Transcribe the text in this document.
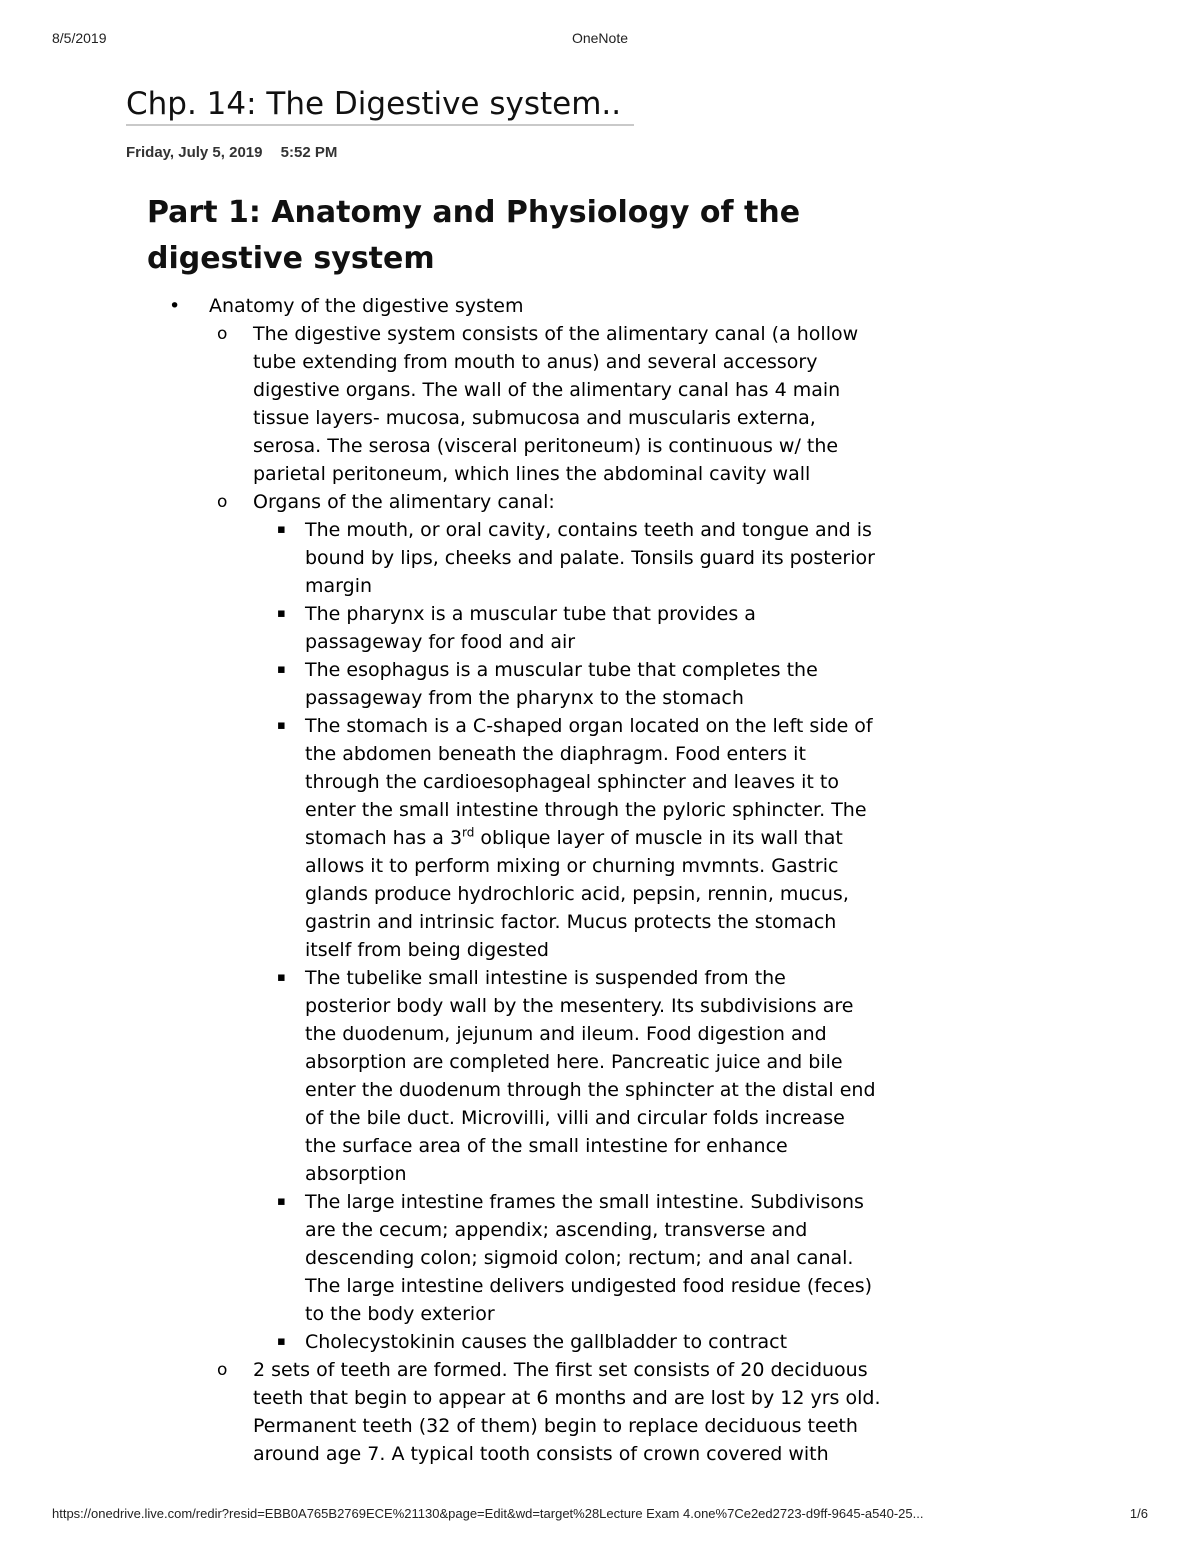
8/5/2019	OneNote
Chp. 14: The Digestive system..
Friday, July 5, 2019 5:52 PM
Part 1: Anatomy and Physiology of the digestive system
• Anatomy of the digestive system
o The digestive system consists of the alimentary canal (a hollow tube extending from mouth to anus) and several accessory digestive organs. The wall of the alimentary canal has 4 main tissue layers- mucosa, submucosa and muscularis externa, serosa. The serosa (visceral peritoneum) is continuous w/ the parietal peritoneum, which lines the abdominal cavity wall
o Organs of the alimentary canal:
▪ The mouth, or oral cavity, contains teeth and tongue and is bound by lips, cheeks and palate. Tonsils guard its posterior margin
▪ The pharynx is a muscular tube that provides a passageway for food and air
▪ The esophagus is a muscular tube that completes the passageway from the pharynx to the stomach
▪ The stomach is a C-shaped organ located on the left side of the abdomen beneath the diaphragm. Food enters it through the cardioesophageal sphincter and leaves it to enter the small intestine through the pyloric sphincter. The stomach has a 3rd oblique layer of muscle in its wall that allows it to perform mixing or churning mvmnts. Gastric glands produce hydrochloric acid, pepsin, rennin, mucus, gastrin and intrinsic factor. Mucus protects the stomach itself from being digested
▪ The tubelike small intestine is suspended from the posterior body wall by the mesentery. Its subdivisions are the duodenum, jejunum and ileum. Food digestion and absorption are completed here. Pancreatic juice and bile enter the duodenum through the sphincter at the distal end of the bile duct. Microvilli, villi and circular folds increase the surface area of the small intestine for enhance absorption
▪ The large intestine frames the small intestine. Subdivisons are the cecum; appendix; ascending, transverse and descending colon; sigmoid colon; rectum; and anal canal. The large intestine delivers undigested food residue (feces) to the body exterior
▪ Cholecystokinin causes the gallbladder to contract
o 2 sets of teeth are formed. The first set consists of 20 deciduous teeth that begin to appear at 6 months and are lost by 12 yrs old. Permanent teeth (32 of them) begin to replace deciduous teeth around age 7. A typical tooth consists of crown covered with
https://onedrive.live.com/redir?resid=EBB0A765B2769ECE%21130&page=Edit&wd=target%28Lecture Exam 4.one%7Ce2ed2723-d9ff-9645-a540-25...	1/6
